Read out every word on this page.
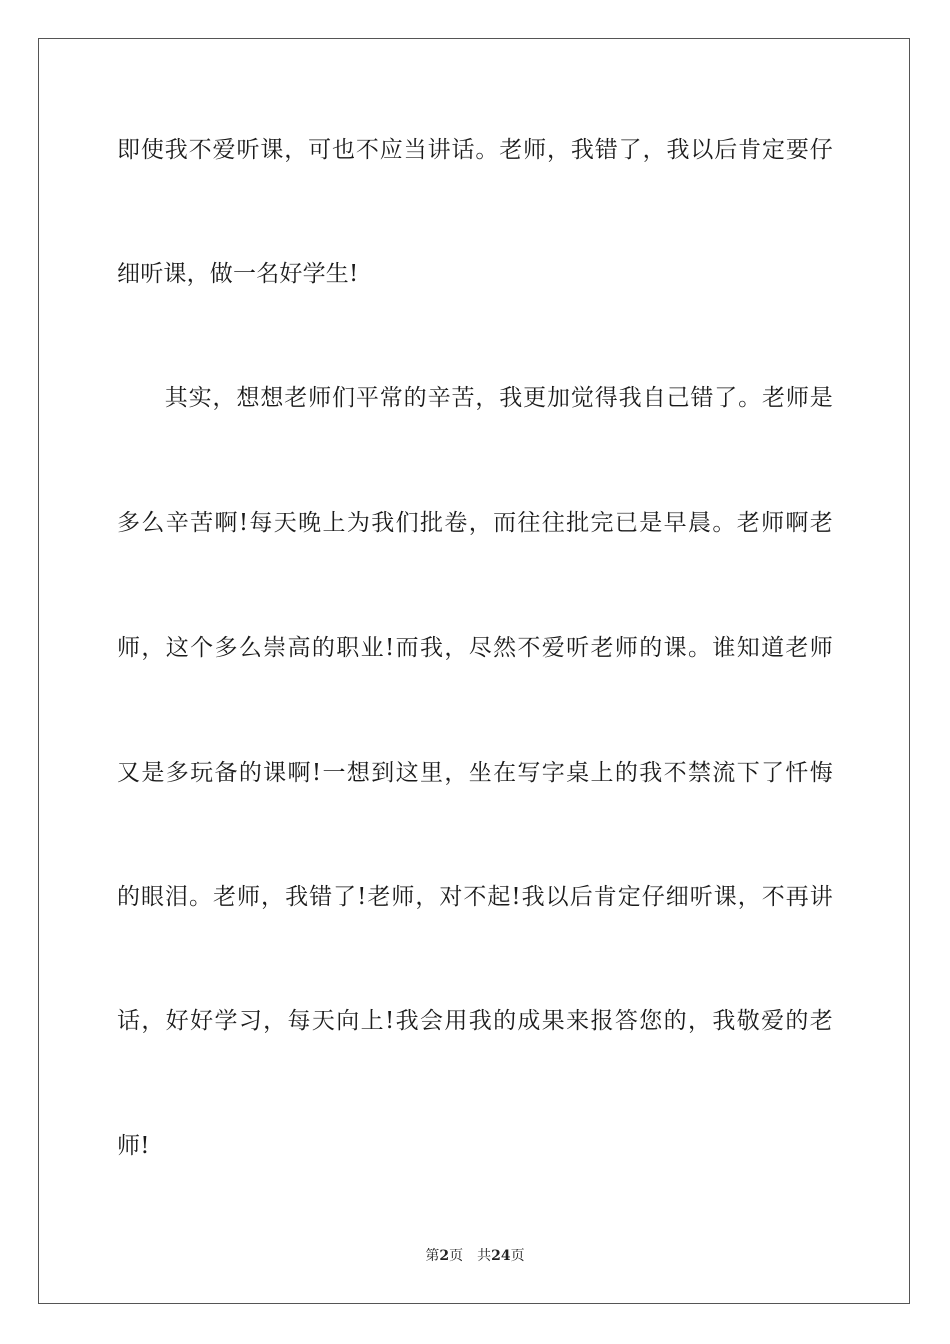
即使我不爱听课，可也不应当讲话。老师，我错了，我以后肯定要仔
细听课，做一名好学生!
　　其实，想想老师们平常的辛苦，我更加觉得我自己错了。老师是
多么辛苦啊!每天晚上为我们批卷，而往往批完已是早晨。老师啊老
师，这个多么崇高的职业!而我，尽然不爱听老师的课。谁知道老师
又是多玩备的课啊!一想到这里，坐在写字桌上的我不禁流下了忏悔
的眼泪。老师，我错了!老师，对不起!我以后肯定仔细听课，不再讲
话，好好学习，每天向上!我会用我的成果来报答您的，我敬爱的老
师!
第2页 共24页
